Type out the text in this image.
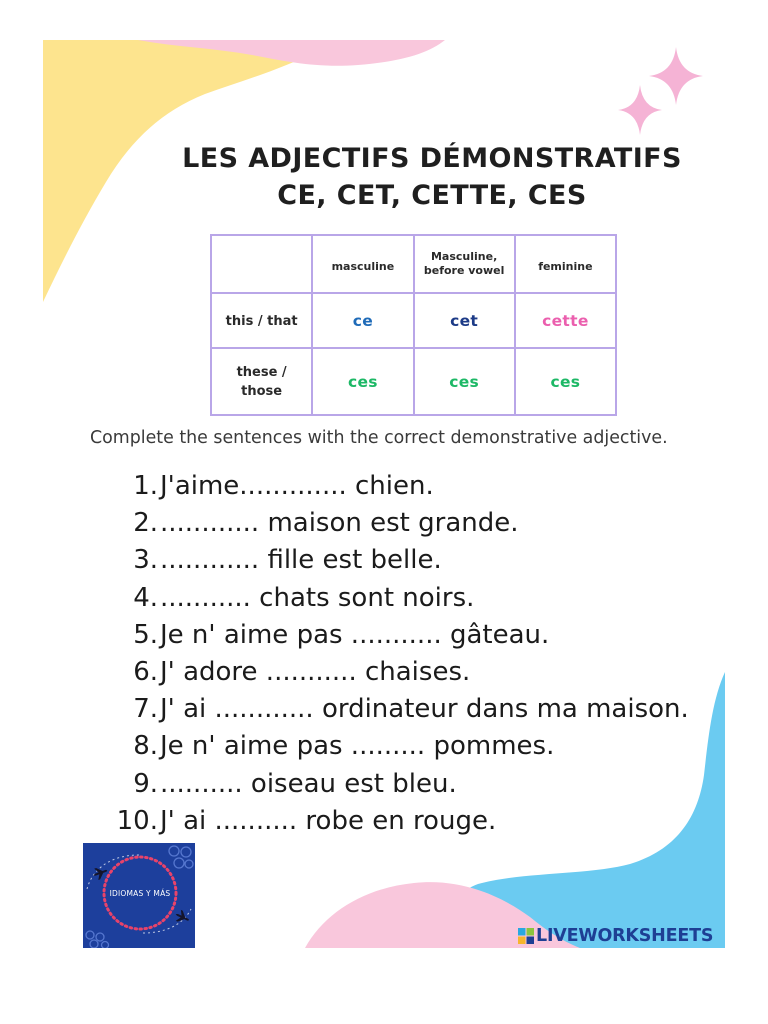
LES ADJECTIFS DÉMONSTRATIFS
CE, CET, CETTE, CES
	masculine	Masculine, before vowel	feminine
this / that	ce	cet	cette
these / those	ces	ces	ces
Complete the sentences with the correct demonstrative adjective.
1. J'aime............. chien.
2. ............ maison est grande.
3. ............ fille est belle.
4. ........... chats sont noirs.
5. Je n' aime pas ........... gâteau.
6. J' adore ........... chaises.
7. J' ai ............ ordinateur dans ma maison.
8. Je n' aime pas ......... pommes.
9. .......... oiseau est bleu.
10. J' ai .......... robe en rouge.
IDIOMAS Y MÁS
LIVEWORKSHEETS
